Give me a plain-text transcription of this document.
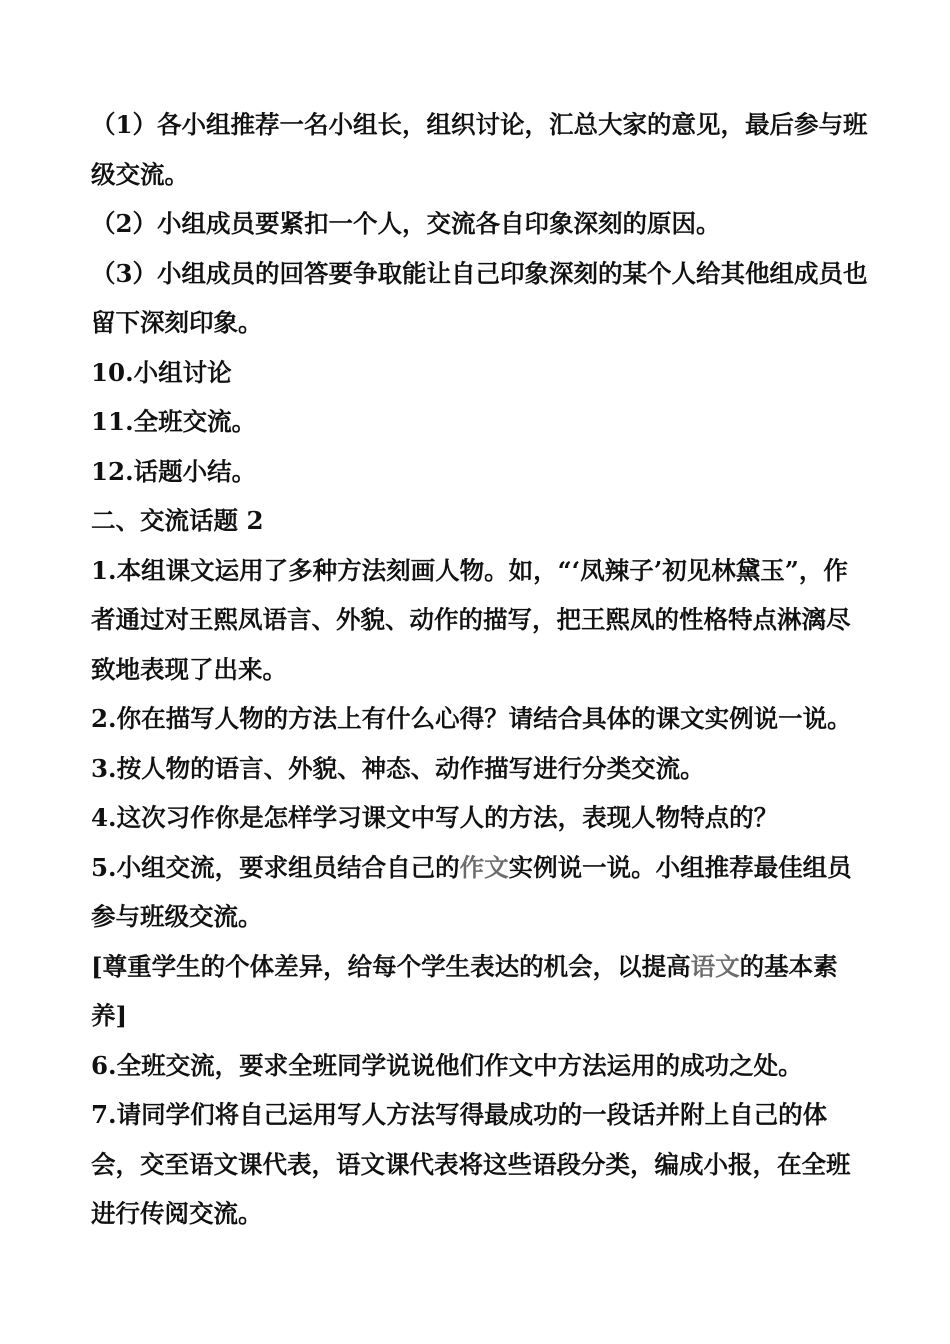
（1）各小组推荐一名小组长，组织讨论，汇总大家的意见，最后参与班级交流。

（2）小组成员要紧扣一个人，交流各自印象深刻的原因。

（3）小组成员的回答要争取能让自己印象深刻的某个人给其他组成员也留下深刻印象。

10.小组讨论

11.全班交流。

12.话题小结。

二、交流话题 2

1.本组课文运用了多种方法刻画人物。如，“‘凤辣子’初见林黛玉”，作者通过对王熙凤语言、外貌、动作的描写，把王熙凤的性格特点淋漓尽致地表现了出来。

2.你在描写人物的方法上有什么心得？请结合具体的课文实例说一说。

3.按人物的语言、外貌、神态、动作描写进行分类交流。

4.这次习作你是怎样学习课文中写人的方法，表现人物特点的？

5.小组交流，要求组员结合自己的作文实例说一说。小组推荐最佳组员参与班级交流。

[尊重学生的个体差异，给每个学生表达的机会，以提高语文的基本素养]

6.全班交流，要求全班同学说说他们作文中方法运用的成功之处。

7.请同学们将自己运用写人方法写得最成功的一段话并附上自己的体会，交至语文课代表，语文课代表将这些语段分类，编成小报，在全班进行传阅交流。
